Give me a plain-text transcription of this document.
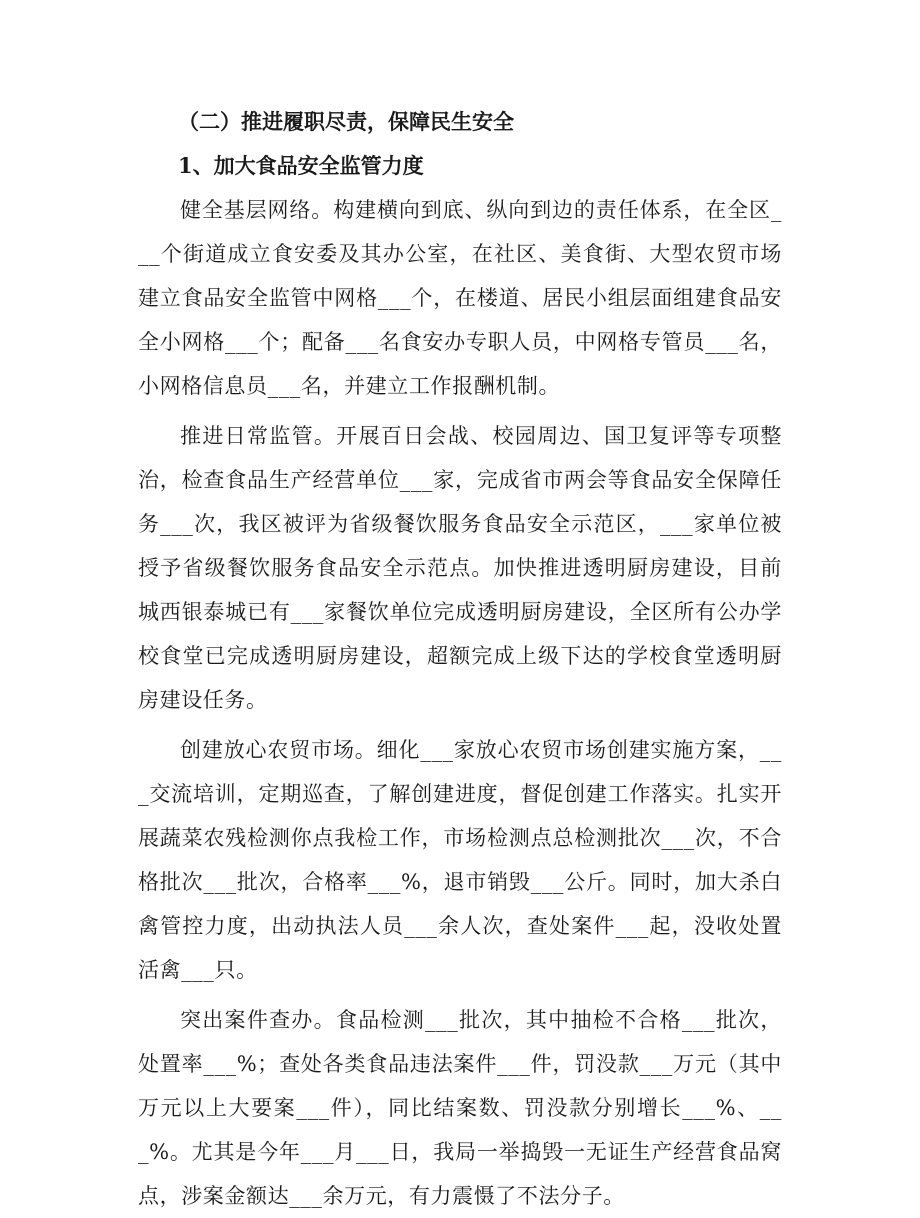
（二）推进履职尽责，保障民生安全
1、加大食品安全监管力度

健全基层网络。构建横向到底、纵向到边的责任体系，在全区___个街道成立食安委及其办公室，在社区、美食街、大型农贸市场建立食品安全监管中网格___个，在楼道、居民小组层面组建食品安全小网格___个；配备___名食安办专职人员，中网格专管员___名，小网格信息员___名，并建立工作报酬机制。

推进日常监管。开展百日会战、校园周边、国卫复评等专项整治，检查食品生产经营单位___家，完成省市两会等食品安全保障任务___次，我区被评为省级餐饮服务食品安全示范区，___家单位被授予省级餐饮服务食品安全示范点。加快推进透明厨房建设，目前城西银泰城已有___家餐饮单位完成透明厨房建设，全区所有公办学校食堂已完成透明厨房建设，超额完成上级下达的学校食堂透明厨房建设任务。

创建放心农贸市场。细化___家放心农贸市场创建实施方案，___交流培训，定期巡查，了解创建进度，督促创建工作落实。扎实开展蔬菜农残检测你点我检工作，市场检测点总检测批次___次，不合格批次___批次，合格率___%，退市销毁___公斤。同时，加大杀白禽管控力度，出动执法人员___余人次，查处案件___起，没收处置活禽___只。

突出案件查办。食品检测___批次，其中抽检不合格___批次，处置率___%；查处各类食品违法案件___件，罚没款___万元（其中万元以上大要案___件），同比结案数、罚没款分别增长___%、___%。尤其是今年___月___日，我局一举捣毁一无证生产经营食品窝点，涉案金额达___余万元，有力震慑了不法分子。
